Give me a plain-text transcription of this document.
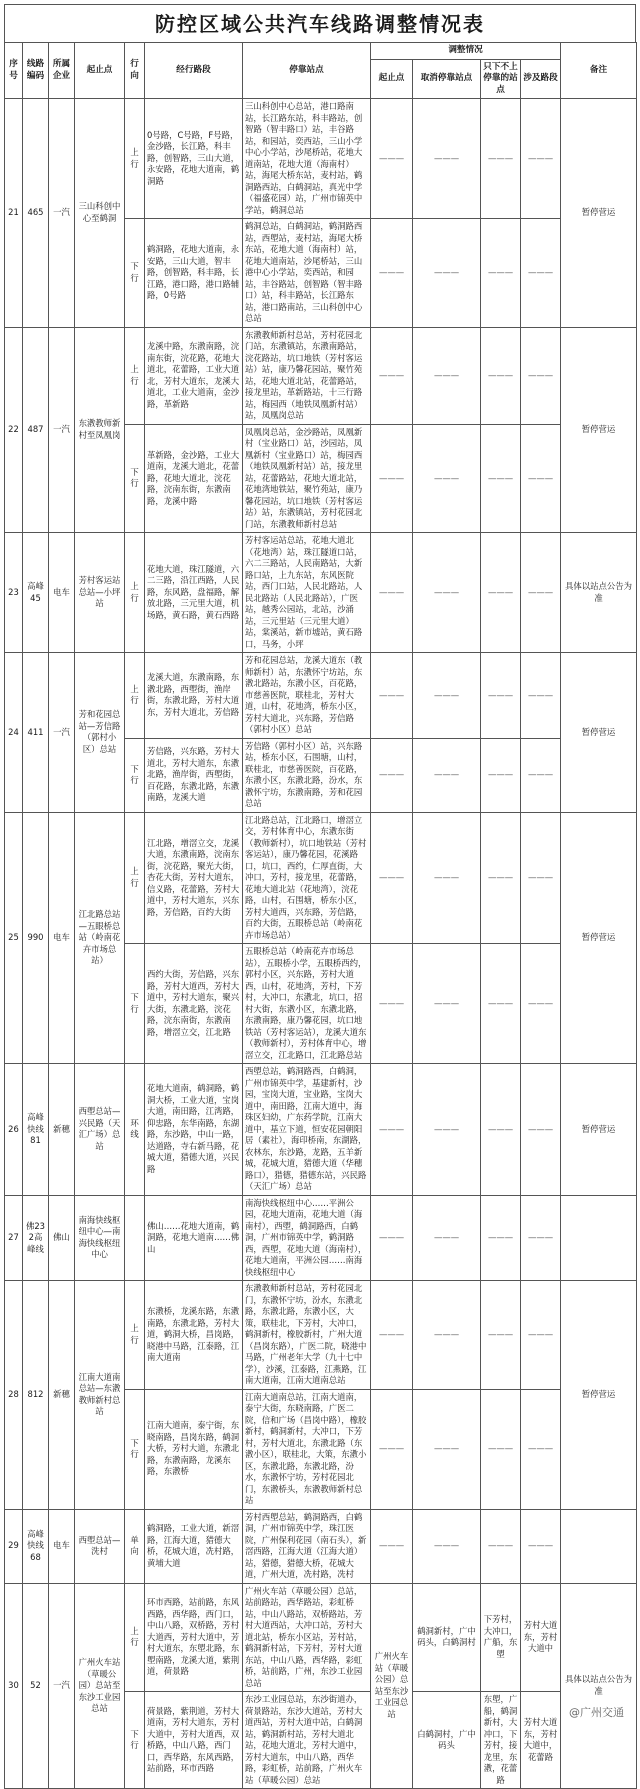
防控区域公共汽车线路调整情况表
序号	线路编码	所属企业	起止点	行向	经行路段	停靠站点	调整情况				备注
							起止点	取消停靠站点	只下不上停靠的站点	涉及路段	
21	465	一汽	三山科创中心至鹤洞	上行	0号路，C号路，F号路，金沙路，长江路，科丰路，创智路，三山大道，永安路，花地大道南，鹤洞路	三山科创中心总站，港口路南站，长江路东站，科丰路站，创智路（智丰路口）站，丰谷路站，和园站，奕西站，三山小学中心小学站，沙尾桥站，花地大道南站，花地大道（海南村）站，海尾大桥东站，麦村站，鹤洞路西站，白鹤洞站，真光中学（福盛花园）站，广州市锦英中学站，鹤洞总站	———	———	———	———	暂停营运
				下行	鹤洞路，花地大道南，永安路，三山大道，智丰路，创智路，科丰路，长江路，港口路，港口路辅路，0号路	鹤洞总站，白鹤洞站，鹤洞路西站，西塱站，麦村站，海尾大桥东站，花地大道（海南村）站，花地大道南站，沙尾桥站，三山港中心小学站，奕西站，和园站，丰谷路站，创智路（智丰路口）站，科丰路站，长江路东站，港口路南站，三山科创中心总站	———	———	———	———	
22	487	一汽	东漖教师新村至凤凰岗	上行	龙溪中路，东漖南路，浣南东街，浣花路，花地大道北，花蕾路，工业大道北，芳村大道东，龙溪大道北，工业大道南，金沙路，革新路	东漖教师新村总站，芳村花园北门站，东漖镇站，东漖南路站，浣花路站，坑口地铁（芳村客运站）站，康乃馨花园站，聚竹苑站，花地大道北站，花蕾路站，接龙里站，革新路站，十三行路站，梅园西（地铁凤凰新村站）站，凤凰岗总站	———	———	———	———	暂停营运
				下行	革新路，金沙路，工业大道南，龙溪大道北，花蕾路，花地大道北，浣花路，浣南东街，东漖南路，龙溪中路	凤凰岗总站，金沙路站，凤凰新村（宝业路口）站，沙园站，凤凰新村（宝业路口）站，梅园西（地铁凤凰新村站）站，接龙里站，花蕾路站，花地大道北站，花地湾地铁站，聚竹苑站，康乃馨花园站，坑口地铁（芳村客运站）站，东漖镇站，芳村花园北门站，东漖教师新村总站	———	———	———	———	
23	高峰45	电车	芳村客运站总站—小坪站	上行	花地大道，珠江隧道，六二三路，沿江西路，人民路，东风路，盘福路，解放北路，三元里大道，机场路，黄石路，黄石西路	芳村客运站总站，花地大道北（花地湾）站，珠江隧道口站，六二三路站，人民南路站，大新路口站，上九东站，东风医院站，西门口站，人民北路站，人民北路站（人民北路站），广医站，越秀公园站，北站，沙涌站，三元里站（三元里大道）站，棠溪站，新市墟站，黄石路口，马务，小坪	———	———	———	———	具体以站点公告为准
24	411	一汽	芳和花园总站—芳信路（郭村小区）总站	上行	龙溪大道，东漖南路，东漖北路，西塱街，渔岸街，东漖北路，芳村大道东，芳村大道北，芳信路	芳和花园总站，龙溪大道东（教师新村）站，东漖怀宁坊站，东漖北路站，东漖小区，百花路，市慈善医院，联桂北，芳村大道，山村，花地湾，桥东小区，芳村大道北，兴东路，芳信路（郭村小区）总站	———	———	———	———	暂停营运
				下行	芳信路，兴东路，芳村大道北，芳村大道东，东漖北路，渔岸街，西塱街，百花路，东漖北路，东漖南路，龙溪大道	芳信路（郭村小区）站，兴东路站，桥东小区，石围塘，山村，联桂北，市慈善医院，百花路，东漖小区，东漖北路，汾水，东漖怀宁坊，东漖南路，芳和花园总站	———	———	———	———	
25	990	电车	江北路总站—五眼桥总站（岭南花卉市场总站）	上行	江北路，增滘立交，龙溪大道，东漖南路，浣南东街，浣花路，聚光大街，杏花大街，芳村大道东，信义路，花蕾路，芳村大道中，芳村大道东，兴东路，芳信路，百约大街	江北路总站，江北路口，增滘立交，芳村体育中心，东漖东街（教师新村），坑口地铁站（芳村客运站），康乃馨花园，花溪路口，坑口，西约，仁厚直街，大冲口，芳村，接龙里，花蕾路，花地大道北站（花地湾），浣花路，山村，石围塘，桥东小区，芳村大道西，兴东路，芳信路，百约大街，五眼桥总站（岭南花卉市场总站）	———	———	———	———	暂停营运
				下行	西约大街，芳信路，兴东路，芳村大道西，芳村大道中，芳村大道东，聚兴大街，东漖北路，浣花路，浣东南街，东漖南路，增滘立交，江北路	五眼桥总站（岭南花卉市场总站），五眼桥小学，五眼桥西约，郭村小区，兴东路，芳村大道西，山村，花地湾，芳村，下芳村，大冲口，东漖北，坑口，招村大街，东漖小区，东漖北路，东漖南路，康乃馨花园，坑口地铁站（芳村客运站），龙溪大道东（教师新村），芳村体育中心，增滘立交，江北路口，江北路总站	———	———	———	———	
26	高峰快线81	新穗	西塱总站—兴民路（天汇广场）总站	环线	花地大道南，鹤洞路，鹤洞大桥，工业大道，宝岗大道，南田路，江湾路，仰忠路，东华南路，东湖路，东沙路，中山一路，达道路，寺右新马路，花城大道，猎德大道，兴民路	西塱总站，鹤洞路西，白鹤洞，广州市锦英中学，基建新村，沙园，宝岗大道，宝业路，宝岗大道中，南田路，江南大道中，海珠区妇幼，广东药学院，江南大道中，基立下道，恒安花园朝阳居（素社），海印桥南，东湖路，农林东，东沙路，龙路，五羊新城，花城大道，猎德大道（华穗路口），猎德，猎德东站，兴民路（天汇广场）总站	———	———	———	———	暂停营运
27	佛232高峰线	佛山	南海快线枢纽中心—南海快线枢纽中心		佛山……花地大道南，鹤洞路，花地大道南……佛山	南海快线枢纽中心……平洲公园，花地大道南，花地大道（海南村），西塱，鹤洞路西，白鹤洞，广州市锦英中学，鹤洞路西，西塱，花地大道（海南村），花地大道南，平洲公园……南海快线枢纽中心	———	———	———	———	
28	812	新穗	江南大道南总站—东漖教师新村总站	上行	东漖桥，龙溪东路，东漖南路，东漖北路，芳村大道，鹤洞大桥，昌岗路，晓港中马路，江泰路，江南大道南	东漖教师新村总站，芳村花园北门，东漖怀宁坊，汾水，东漖北路，东漖北路，东漖小区，大策，联桂北，下芳村，大冲口，鹤洞新村，橡胶新村，广州大道（昌岗东路），广医二院，晓港中马路，广州老年大学（九十七中学），沙溪，江泰路，江燕路，江南大道南，江南大道南总站	———	———	———	———	暂停营运
				下行	江南大道南，泰宁街，东晓南路，昌岗东路，鹤洞大桥，芳村大道，东漖北路，东漖南路，龙溪东路，东漖桥	江南大道南总站，江南大道南，泰宁大街，东晓南路，广医二院，信和广场（昌岗中路），橡胶新村，鹤洞新村，大冲口，下芳村，芳村大道北，东漖北路（东漖小区），联桂北，大策，东漖小区，东漖北路，东漖北路，汾水，东漖怀宁坊，芳村花园北门，东漖桥头，东漖教师新村总站	———	———	———	———	
29	高峰快线68	电车	西塱总站—洗村	单向	鹤洞路，工业大道，新滘路，江海大道，猎德大桥，花城大道，冼村路，黄埔大道	芳村西塱总站，鹤洞路西，白鹤洞，广州市锦英中学，珠江医院，广州保利花园（南石头），新滘西路，江海大道（江海大道）站，猎德，猎德大桥，花城大道，广州大道，冼村路，冼村	———	———	———	———	
30	52	一汽	广州火车站（草暖公园）总站至东沙工业园总站	上行	环市西路，站前路，东风西路，西华路，西门口，中山八路，双桥路，芳村大道西，芳村大道中，芳村大道东，东塱北路，东塱南路，龙溪大道，紫荆道，荷景路	广州火车站（草暖公园）总站，站前路站，西华路站，彩虹桥站，中山八路站，双桥路站，芳村大道西站，大冲口站，芳村大道北站，桥东小区站，芳村站，鹤洞新村站，下芳村，芳村大道东站，中山八路，西华路，彩虹桥，站前路，广州，东沙工业园总站	广州火车站（草暖公园）总站至东沙工业园总站	鹤洞新村，广中码头，白鹤洞村	下芳村，大冲口，广船，东塱	芳村大道东，芳村大道中	具体以站点公告为准
				下行	荷景路，紫荆道，芳村大道南，芳村大道东，芳村大道中，芳村大道西，双桥路，中山八路，西门口，西华路，东风西路，站前路，环市西路	东沙工业园总站，东沙街道办，荷景路站，东沙大道站，芳村大道西站，芳村大道中站，白鹤洞站，鹤洞新村站，芳村大道北站，花地大道北，芳村大道中，芳村大道东，中山八路，西华路，彩虹桥，站前路，广州火车站（草暖公园）总站		白鹤洞村，广中码头	东塱，广船，鹤洞新村，大冲口，下芳村，接龙里，东漖，花蕾路	芳村大道东，芳村大道中，花蕾路	
@广州交通
